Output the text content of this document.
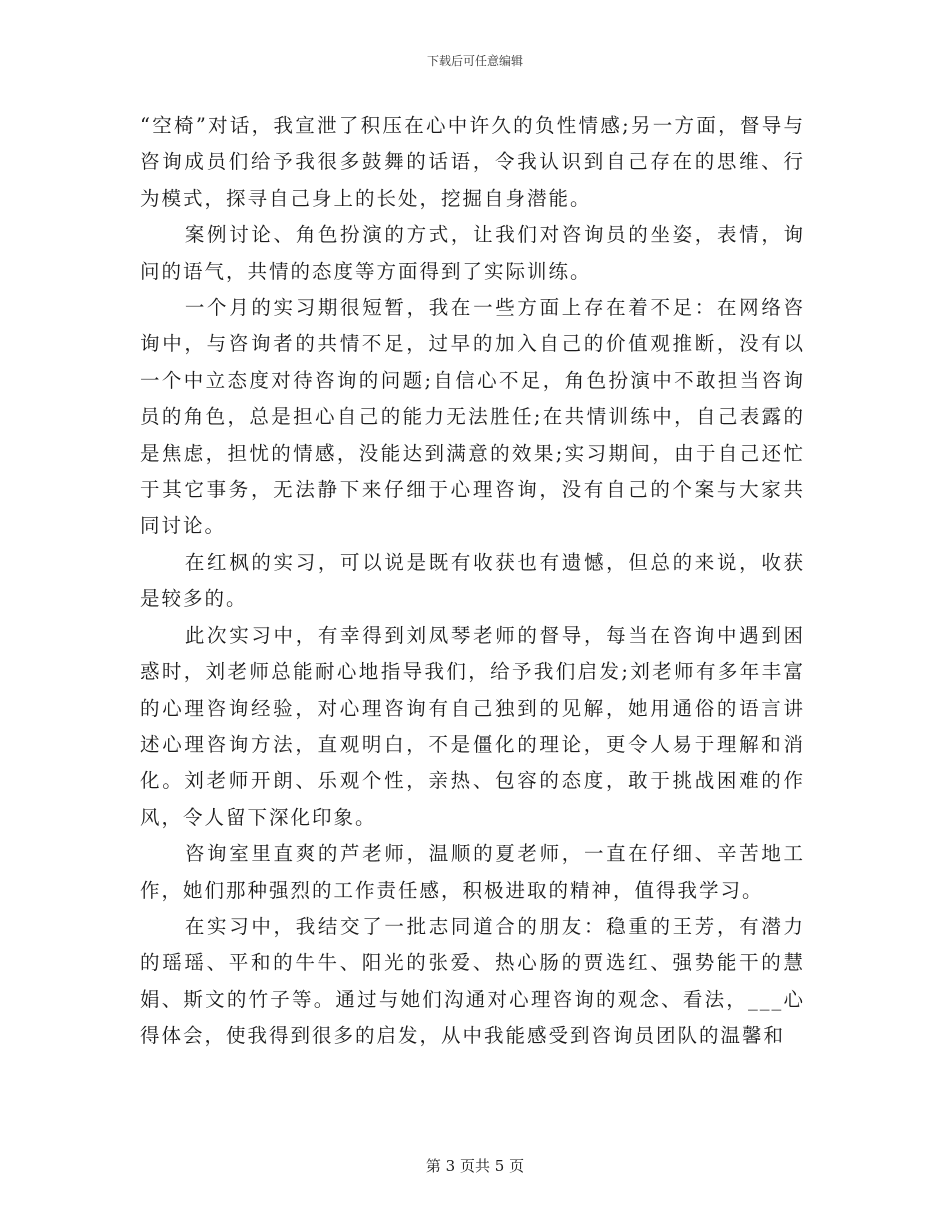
下载后可任意编辑

“空椅”对话，我宣泄了积压在心中许久的负性情感;另一方面，督导与咨询成员们给予我很多鼓舞的话语，令我认识到自己存在的思维、行为模式，探寻自己身上的长处，挖掘自身潜能。

案例讨论、角色扮演的方式，让我们对咨询员的坐姿，表情，询问的语气，共情的态度等方面得到了实际训练。

一个月的实习期很短暂，我在一些方面上存在着不足：在网络咨询中，与咨询者的共情不足，过早的加入自己的价值观推断，没有以一个中立态度对待咨询的问题;自信心不足，角色扮演中不敢担当咨询员的角色，总是担心自己的能力无法胜任;在共情训练中，自己表露的是焦虑，担忧的情感，没能达到满意的效果;实习期间，由于自己还忙于其它事务，无法静下来仔细于心理咨询，没有自己的个案与大家共同讨论。

在红枫的实习，可以说是既有收获也有遗憾，但总的来说，收获是较多的。

此次实习中，有幸得到刘凤琴老师的督导，每当在咨询中遇到困惑时，刘老师总能耐心地指导我们，给予我们启发;刘老师有多年丰富的心理咨询经验，对心理咨询有自己独到的见解，她用通俗的语言讲述心理咨询方法，直观明白，不是僵化的理论，更令人易于理解和消化。刘老师开朗、乐观个性，亲热、包容的态度，敢于挑战困难的作风，令人留下深化印象。

咨询室里直爽的芦老师，温顺的夏老师，一直在仔细、辛苦地工作，她们那种强烈的工作责任感，积极进取的精神，值得我学习。

在实习中，我结交了一批志同道合的朋友：稳重的王芳，有潜力的瑶瑶、平和的牛牛、阳光的张爱、热心肠的贾选红、强势能干的慧娟、斯文的竹子等。通过与她们沟通对心理咨询的观念、看法，___心得体会，使我得到很多的启发，从中我能感受到咨询员团队的温馨和

第 3 页共 5 页
